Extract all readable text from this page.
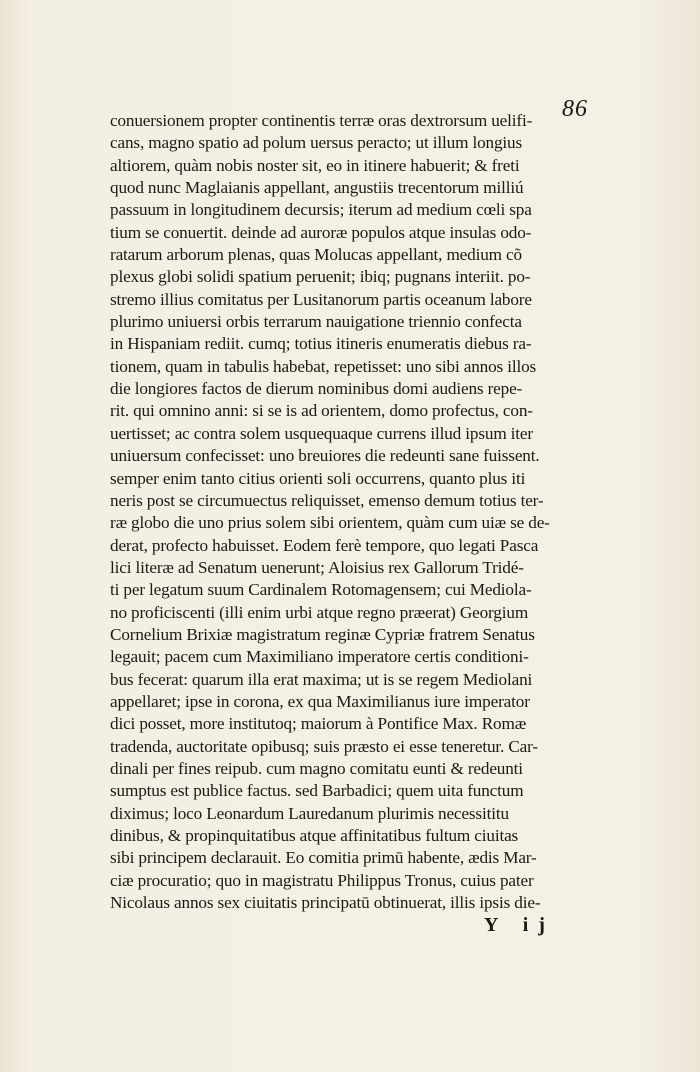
86
conuersionem propter continentis terræ oras dextrorsum uelifi-
cans, magno spatio ad polum uersus peracto; ut illum longius
altiorem, quàm nobis noster sit, eo in itinere habuerit; & freti
quod nunc Maglaianis appellant, angustiis trecentorum milliú
passuum in longitudinem decursis; iterum ad medium cœli spa
tium se conuertit. deinde ad auroræ populos atque insulas odo-
ratarum arborum plenas, quas Molucas appellant, medium cõ
plexus globi solidi spatium peruenit; ibiq; pugnans interiit. po-
stremo illius comitatus per Lusitanorum partis oceanum labore
plurimo uniuersi orbis terrarum nauigatione triennio confecta
in Hispaniam rediit. cumq; totius itineris enumeratis diebus ra-
tionem, quam in tabulis habebat, repetisset: uno sibi annos illos
die longiores factos de dierum nominibus domi audiens repe-
rit. qui omnino anni: si se is ad orientem, domo profectus, con-
uertisset; ac contra solem usquequaque currens illud ipsum iter
uniuersum confecisset: uno breuiores die redeunti sane fuissent.
semper enim tanto citius orienti soli occurrens, quanto plus iti
neris post se circumuectus reliquisset, emenso demum totius ter-
ræ globo die uno prius solem sibi orientem, quàm cum uiæ se de-
derat, profecto habuisset. Eodem ferè tempore, quo legati Pasca
lici literæ ad Senatum uenerunt; Aloisius rex Gallorum Tridé-
ti per legatum suum Cardinalem Rotomagensem; cui Mediola-
no proficiscenti (illi enim urbi atque regno præerat) Georgium
Cornelium Brixiæ magistratum reginæ Cypriæ fratrem Senatus
legauit; pacem cum Maximiliano imperatore certis conditioni-
bus fecerat: quarum illa erat maxima; ut is se regem Mediolani
appellaret; ipse in corona, ex qua Maximilianus iure imperator
dici posset, more institutoq; maiorum à Pontifice Max. Romæ
tradenda, auctoritate opibusq; suis præsto ei esse teneretur. Car-
dinali per fines reipub. cum magno comitatu eunti & redeunti
sumptus est publice factus. sed Barbadici; quem uita functum
diximus; loco Leonardum Lauredanum plurimis necessititu
dinibus, & propinquitatibus atque affinitatibus fultum ciuitas
sibi principem declarauit. Eo comitia primū habente, ædis Mar-
ciæ procuratio; quo in magistratu Philippus Tronus, cuius pater
Nicolaus annos sex ciuitatis principatū obtinuerat, illis ipsis die-
Y ij
